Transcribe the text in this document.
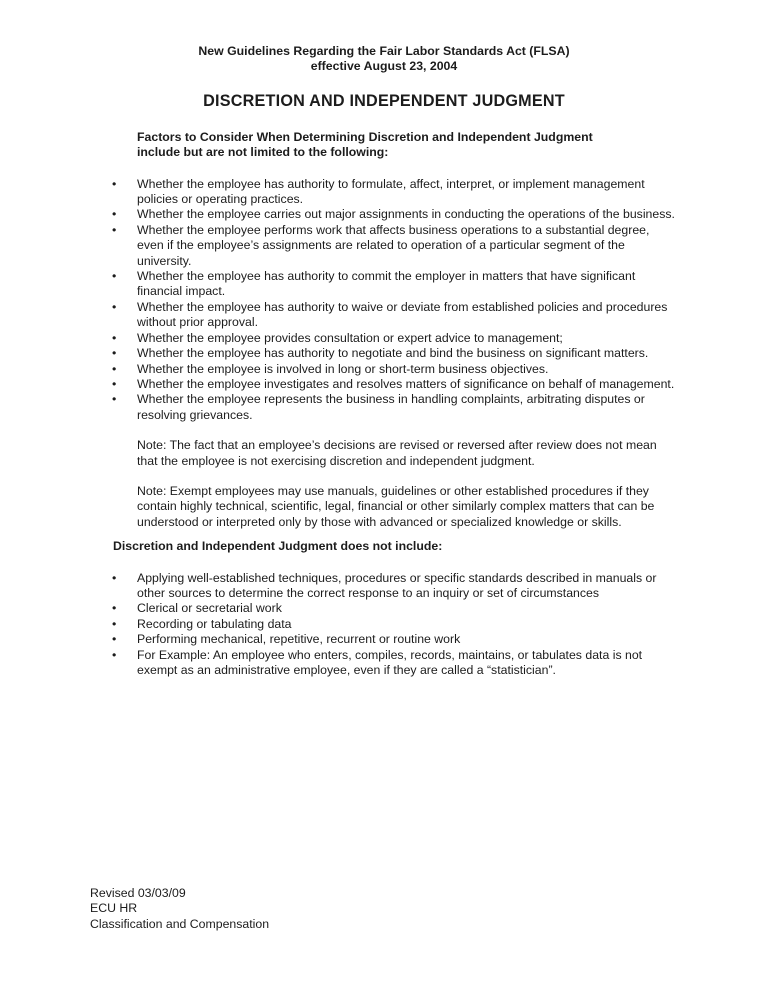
New Guidelines Regarding the Fair Labor Standards Act (FLSA)
effective August 23, 2004
DISCRETION AND INDEPENDENT JUDGMENT
Factors to Consider When Determining Discretion and Independent Judgment include but are not limited to the following:
• Whether the employee has authority to formulate, affect, interpret, or implement management policies or operating practices.
• Whether the employee carries out major assignments in conducting the operations of the business.
• Whether the employee performs work that affects business operations to a substantial degree, even if the employee’s assignments are related to operation of a particular segment of the university.
• Whether the employee has authority to commit the employer in matters that have significant financial impact.
• Whether the employee has authority to waive or deviate from established policies and procedures without prior approval.
• Whether the employee provides consultation or expert advice to management;
• Whether the employee has authority to negotiate and bind the business on significant matters.
• Whether the employee is involved in long or short-term business objectives.
• Whether the employee investigates and resolves matters of significance on behalf of management.
• Whether the employee represents the business in handling complaints, arbitrating disputes or resolving grievances.
Note: The fact that an employee’s decisions are revised or reversed after review does not mean that the employee is not exercising discretion and independent judgment.
Note: Exempt employees may use manuals, guidelines or other established procedures if they contain highly technical, scientific, legal, financial or other similarly complex matters that can be understood or interpreted only by those with advanced or specialized knowledge or skills.
Discretion and Independent Judgment does not include:
• Applying well-established techniques, procedures or specific standards described in manuals or other sources to determine the correct response to an inquiry or set of circumstances
• Clerical or secretarial work
• Recording or tabulating data
• Performing mechanical, repetitive, recurrent or routine work
• For Example: An employee who enters, compiles, records, maintains, or tabulates data is not exempt as an administrative employee, even if they are called a “statistician”.
Revised 03/03/09
ECU HR
Classification and Compensation
